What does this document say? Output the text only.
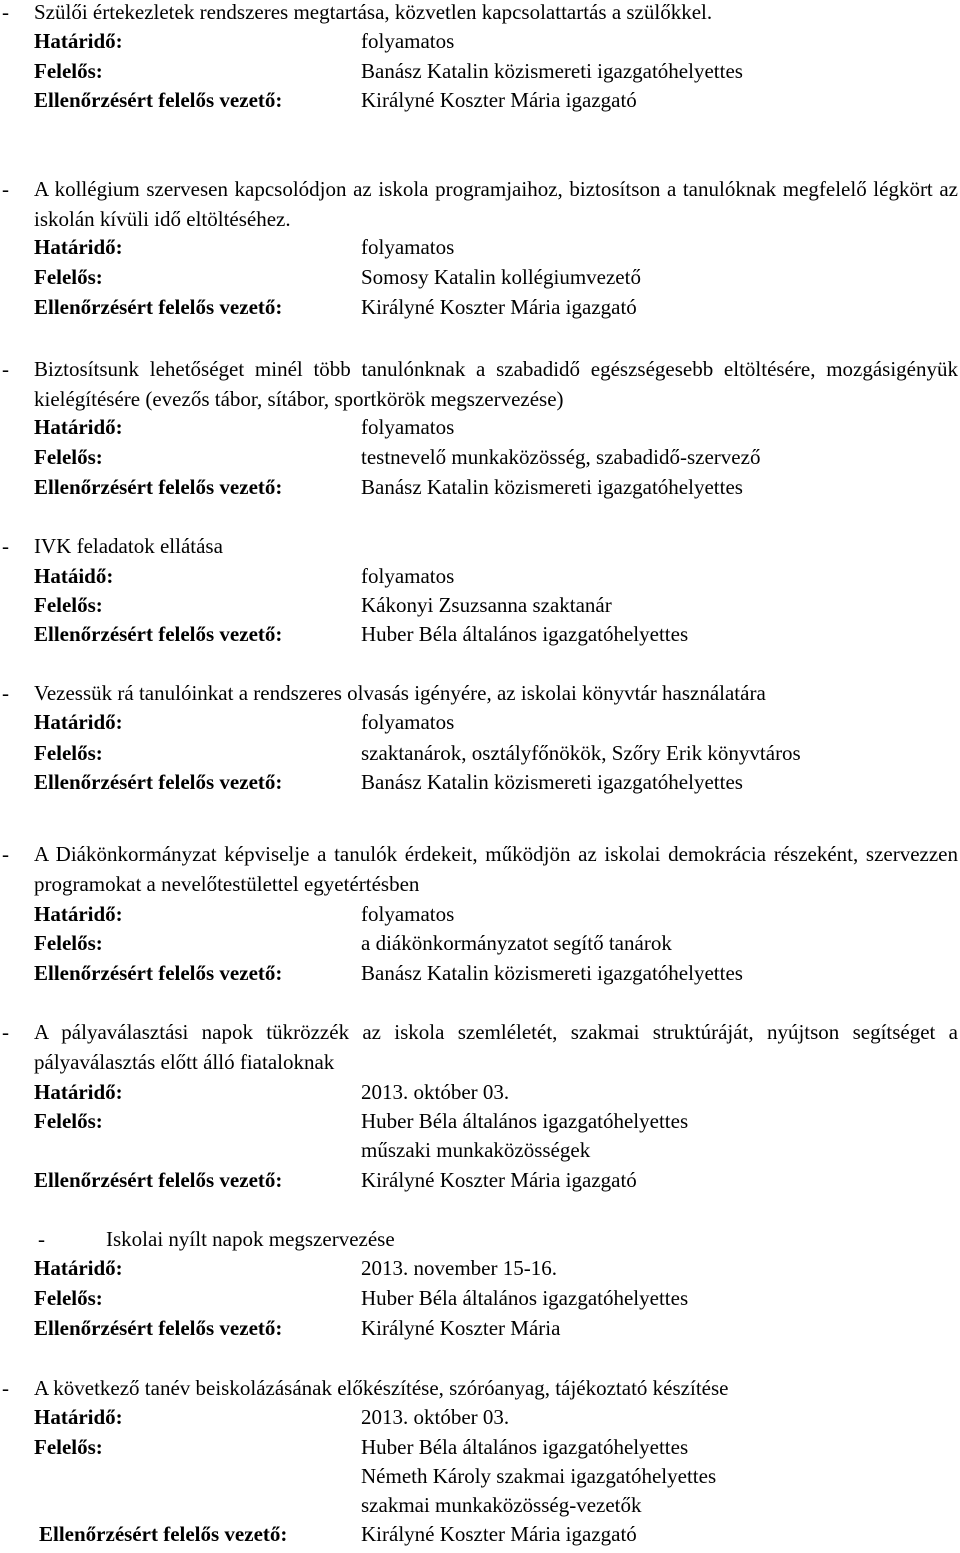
- Szülői értekezletek rendszeres megtartása, közvetlen kapcsolattartás a szülőkkel.
Határidő:	folyamatos
Felelős:	Banász Katalin közismereti igazgatóhelyettes
Ellenőrzésért felelős vezető:	Királyné Koszter Mária igazgató
- A kollégium szervesen kapcsolódjon az iskola programjaihoz, biztosítson a tanulóknak megfelelő légkört az iskolán kívüli idő eltöltéséhez.
Határidő:	folyamatos
Felelős:	Somosy Katalin kollégiumvezető
Ellenőrzésért felelős vezető:	Királyné Koszter Mária igazgató
- Biztosítsunk lehetőséget minél több tanulónknak a szabadidő egészségesebb eltöltésére, mozgásigényük kielégítésére (evezős tábor, sítábor, sportkörök megszervezése)
Határidő:	folyamatos
Felelős:	testnevelő munkaközösség, szabadidő-szervező
Ellenőrzésért felelős vezető:	Banász Katalin közismereti igazgatóhelyettes
- IVK feladatok ellátása
Hatáidő:	folyamatos
Felelős:	Kákonyi Zsuzsanna szaktanár
Ellenőrzésért felelős vezető:	Huber Béla általános igazgatóhelyettes
- Vezessük rá tanulóinkat a rendszeres olvasás igényére, az iskolai könyvtár használatára
Határidő:	folyamatos
Felelős:	szaktanárok, osztályfőnökök, Szőry Erik könyvtáros
Ellenőrzésért felelős vezető:	Banász Katalin közismereti igazgatóhelyettes
- A Diákönkormányzat képviselje a tanulók érdekeit, működjön az iskolai demokrácia részeként, szervezzen programokat a nevelőtestülettel egyetértésben
Határidő:	folyamatos
Felelős:	a diákönkormányzatot segítő tanárok
Ellenőrzésért felelős vezető:	Banász Katalin közismereti igazgatóhelyettes
- A pályaválasztási napok tükrözzék az iskola szemléletét, szakmai struktúráját, nyújtson segítséget a pályaválasztás előtt álló fiataloknak
Határidő:	2013. október 03.
Felelős:	Huber Béla általános igazgatóhelyettes
műszaki munkaközösségek
Ellenőrzésért felelős vezető:	Királyné Koszter Mária igazgató
-	Iskolai nyílt napok megszervezése
Határidő:	2013. november 15-16.
Felelős:	Huber Béla általános igazgatóhelyettes
Ellenőrzésért felelős vezető:	Királyné Koszter Mária
- A következő tanév beiskolázásának előkészítése, szóróanyag, tájékoztató készítése
Határidő:	2013. október 03.
Felelős:	Huber Béla általános igazgatóhelyettes
Németh Károly szakmai igazgatóhelyettes
szakmai munkaközösség-vezetők
Ellenőrzésért felelős vezető:	Királyné Koszter Mária igazgató
